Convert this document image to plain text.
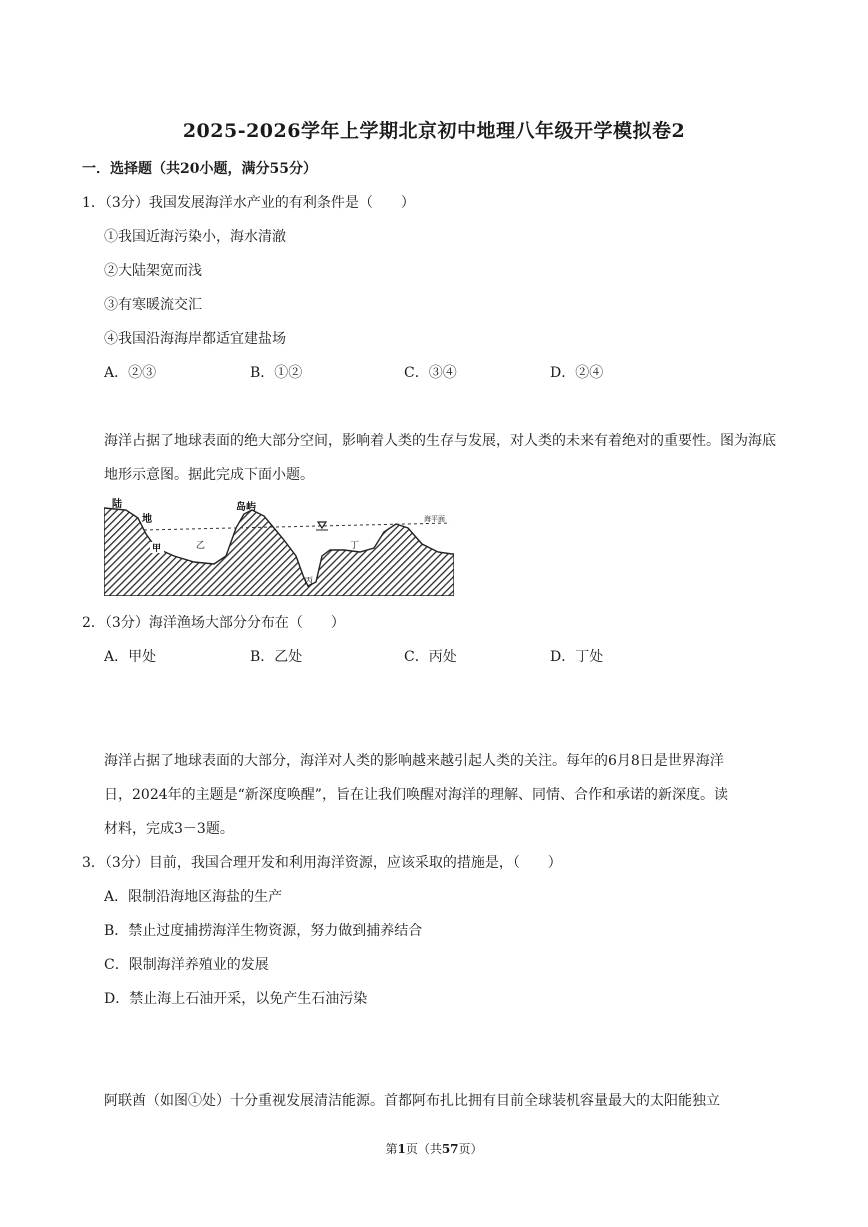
2025-2026学年上学期北京初中地理八年级开学模拟卷2
一．选择题（共20小题，满分55分）
1．（3分）我国发展海洋水产业的有利条件是（　　）
①我国近海污染小，海水清澈
②大陆架宽而浅
③有寒暖流交汇
④我国沿海海岸都适宜建盐场
A．②③	B．①②	C．③④	D．②④
海洋占据了地球表面的绝大部分空间，影响着人类的生存与发展，对人类的未来有着绝对的重要性。图为海底地形示意图。据此完成下面小题。
陆
地
岛屿
海平面
甲	乙
丙
丁
2．（3分）海洋渔场大部分分布在（　　）
A．甲处	B．乙处	C．丙处	D．丁处
海洋占据了地球表面的大部分，海洋对人类的影响越来越引起人类的关注。每年的6月8日是世界海洋
日，2024年的主题是“新深度唤醒”，旨在让我们唤醒对海洋的理解、同情、合作和承诺的新深度。读
材料，完成3－3题。
3．（3分）目前，我国合理开发和利用海洋资源，应该采取的措施是，（　　）
A．限制沿海地区海盐的生产
B．禁止过度捕捞海洋生物资源，努力做到捕养结合
C．限制海洋养殖业的发展
D．禁止海上石油开采，以免产生石油污染
阿联酋（如图①处）十分重视发展清洁能源。首都阿布扎比拥有目前全球装机容量最大的太阳能独立
第1页（共57页）
